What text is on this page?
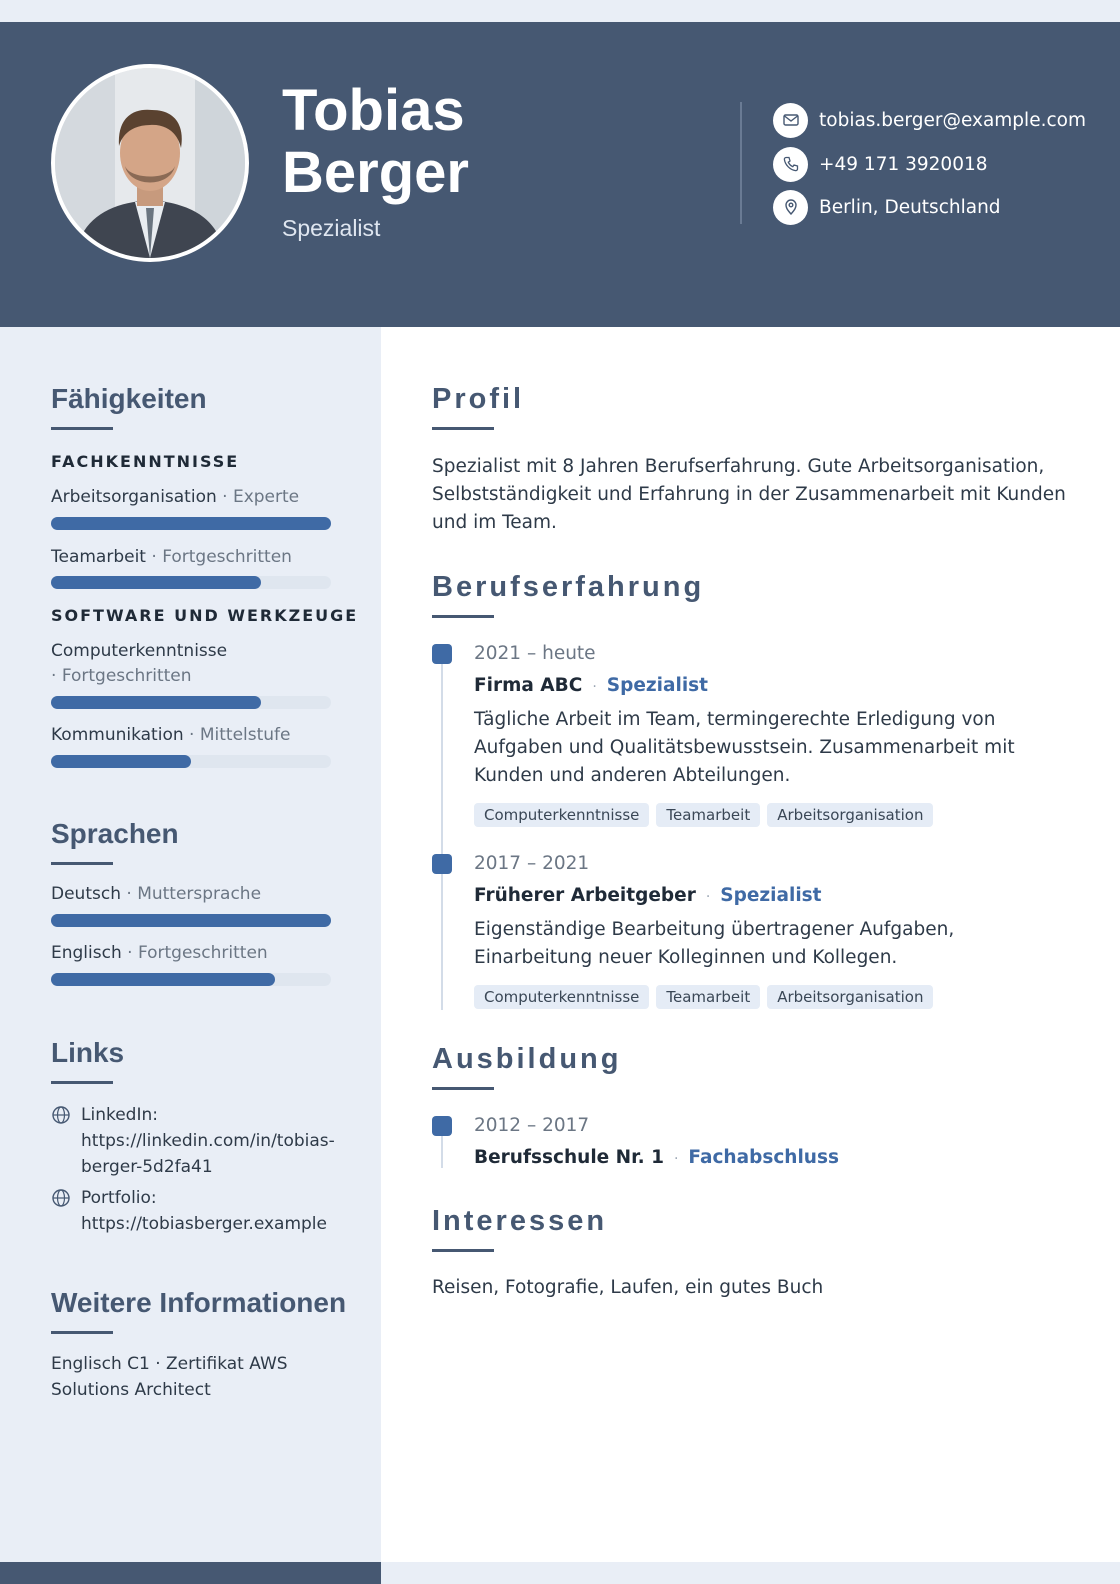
Tobias
Berger
Spezialist
tobias.berger@example.com
+49 171 3920018
Berlin, Deutschland
Fähigkeiten
FACHKENNTNISSE
Arbeitsorganisation · Experte
Teamarbeit · Fortgeschritten
SOFTWARE UND WERKZEUGE
Computerkenntnisse · Fortgeschritten
Kommunikation · Mittelstufe
Sprachen
Deutsch · Muttersprache
Englisch · Fortgeschritten
Links
LinkedIn:
https://linkedin.com/in/tobias-berger-5d2fa41
Portfolio:
https://tobiasberger.example
Weitere Informationen
Englisch C1 · Zertifikat AWS Solutions Architect
Profil
Spezialist mit 8 Jahren Berufserfahrung. Gute Arbeitsorganisation, Selbstständigkeit und Erfahrung in der Zusammenarbeit mit Kunden und im Team.
Berufserfahrung
2021 – heute
Firma ABC · Spezialist
Tägliche Arbeit im Team, termingerechte Erledigung von Aufgaben und Qualitätsbewusstsein. Zusammenarbeit mit Kunden und anderen Abteilungen.
Computerkenntnisse	Teamarbeit	Arbeitsorganisation
2017 – 2021
Früherer Arbeitgeber · Spezialist
Eigenständige Bearbeitung übertragener Aufgaben, Einarbeitung neuer Kolleginnen und Kollegen.
Computerkenntnisse	Teamarbeit	Arbeitsorganisation
Ausbildung
2012 – 2017
Berufsschule Nr. 1 · Fachabschluss
Interessen
Reisen, Fotografie, Laufen, ein gutes Buch
